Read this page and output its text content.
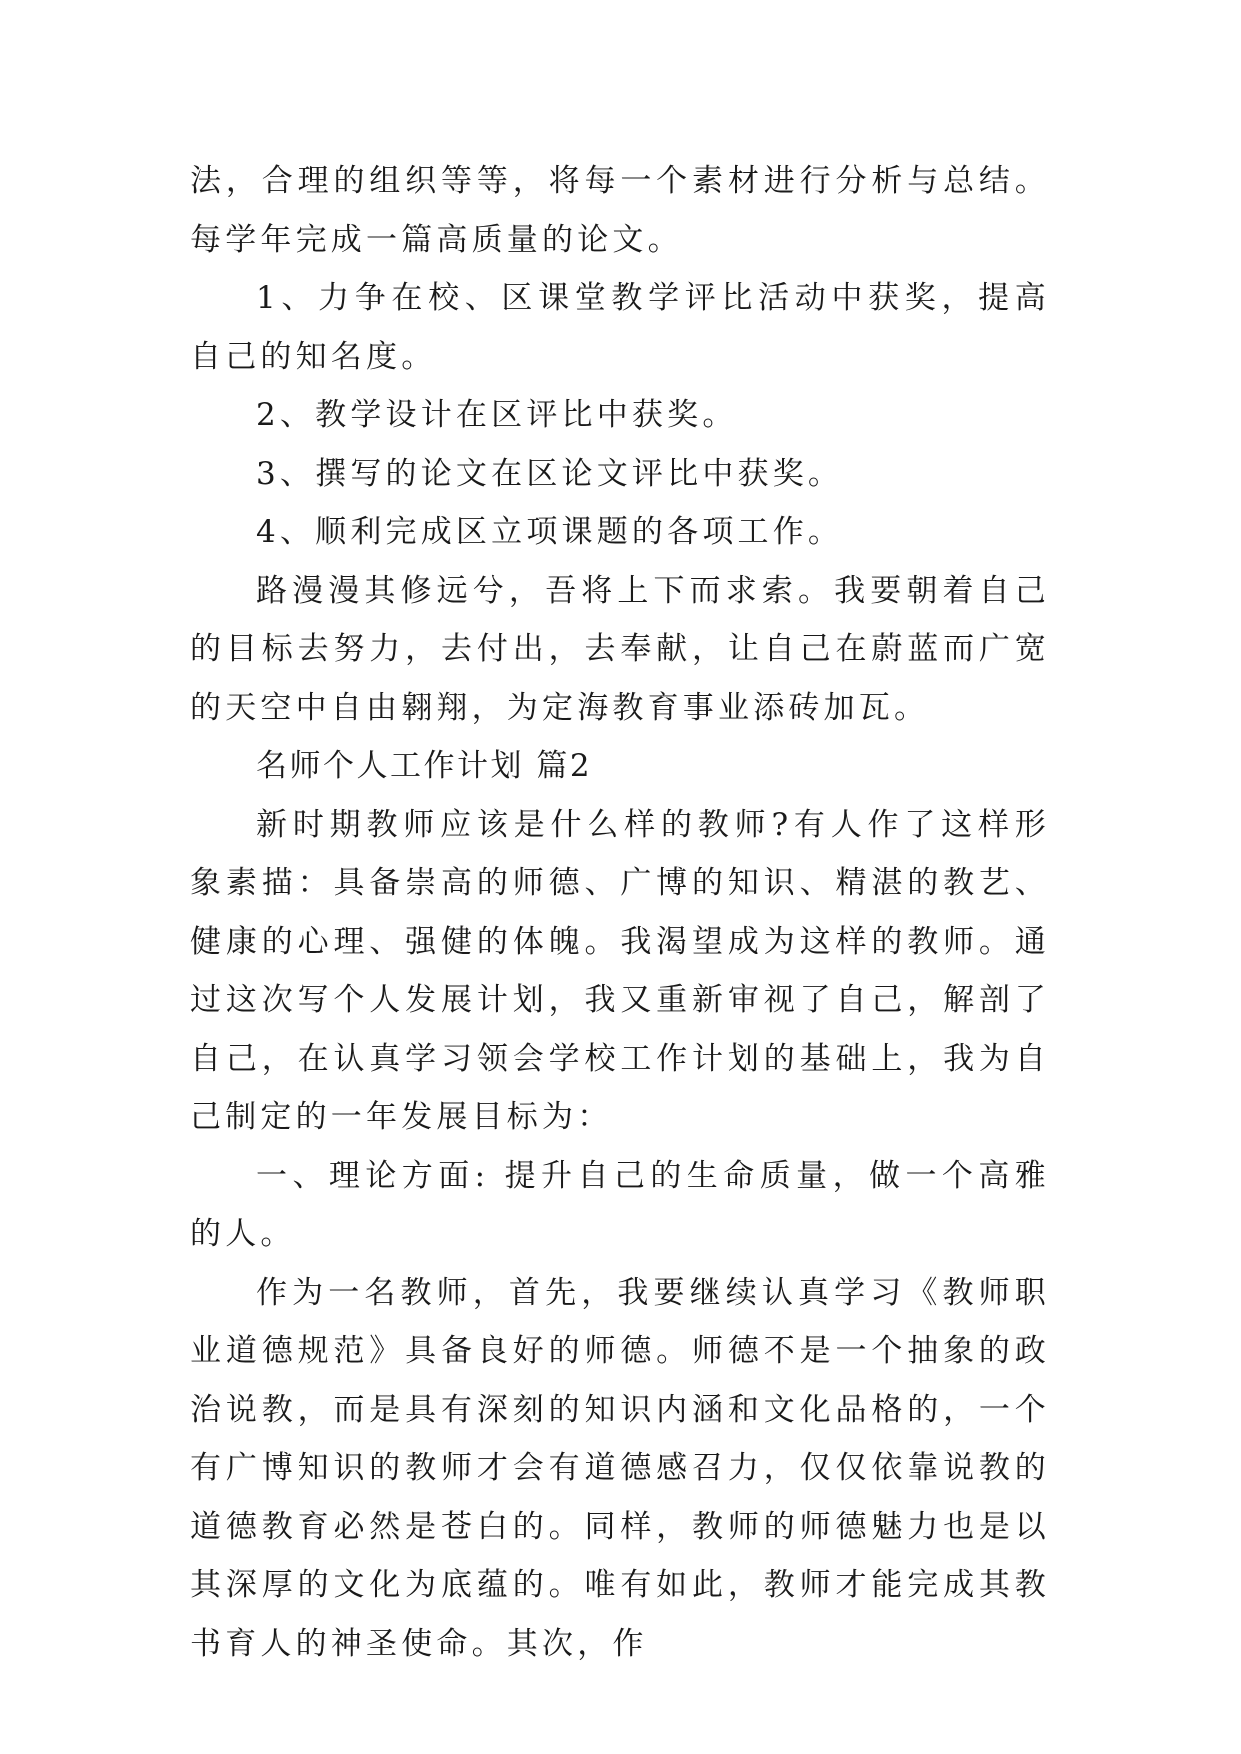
法，合理的组织等等，将每一个素材进行分析与总结。每学年完成一篇高质量的论文。

1、力争在校、区课堂教学评比活动中获奖，提高自己的知名度。

2、教学设计在区评比中获奖。

3、撰写的论文在区论文评比中获奖。

4、顺利完成区立项课题的各项工作。

路漫漫其修远兮，吾将上下而求索。我要朝着自己的目标去努力，去付出，去奉献，让自己在蔚蓝而广宽的天空中自由翱翔，为定海教育事业添砖加瓦。

名师个人工作计划 篇2

新时期教师应该是什么样的教师?有人作了这样形象素描：具备崇高的师德、广博的知识、精湛的教艺、健康的心理、强健的体魄。我渴望成为这样的教师。通过这次写个人发展计划，我又重新审视了自己，解剖了自己，在认真学习领会学校工作计划的基础上，我为自己制定的一年发展目标为：

一、理论方面: 提升自己的生命质量，做一个高雅的人。

作为一名教师，首先，我要继续认真学习《教师职业道德规范》具备良好的师德。师德不是一个抽象的政治说教，而是具有深刻的知识内涵和文化品格的，一个有广博知识的教师才会有道德感召力，仅仅依靠说教的道德教育必然是苍白的。同样，教师的师德魅力也是以其深厚的文化为底蕴的。唯有如此，教师才能完成其教书育人的神圣使命。其次，作
